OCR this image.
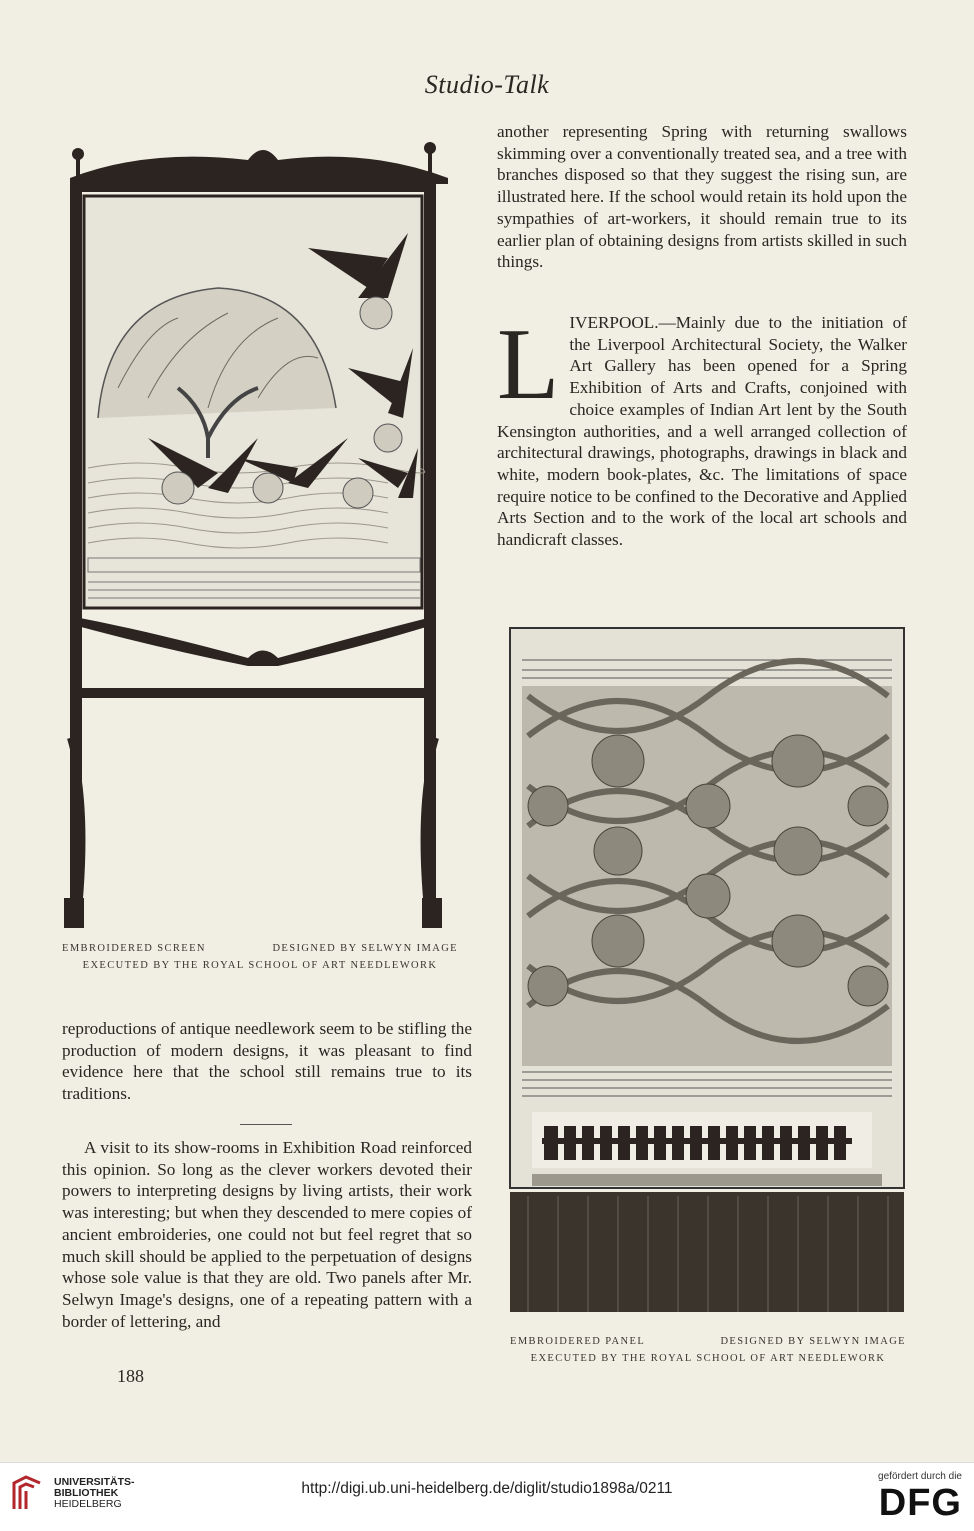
Studio-Talk
EMBROIDERED SCREEN	DESIGNED BY SELWYN IMAGE
EXECUTED BY THE ROYAL SCHOOL OF ART NEEDLEWORK

reproductions of antique needlework seem to be stifling the production of modern designs, it was pleasant to find evidence here that the school still remains true to its traditions.

A visit to its show-rooms in Exhibition Road reinforced this opinion. So long as the clever workers devoted their powers to interpreting designs by living artists, their work was interesting; but when they descended to mere copies of ancient embroideries, one could not but feel regret that so much skill should be applied to the perpetuation of designs whose sole value is that they are old. Two panels after Mr. Selwyn Image's designs, one of a repeating pattern with a border of lettering, and

188

another representing Spring with returning swallows skimming over a conventionally treated sea, and a tree with branches disposed so that they suggest the rising sun, are illustrated here. If the school would retain its hold upon the sympathies of art-workers, it should remain true to its earlier plan of obtaining designs from artists skilled in such things.

L IVERPOOL.—Mainly due to the initiation of the Liverpool Architectural Society, the Walker Art Gallery has been opened for a Spring Exhibition of Arts and Crafts, conjoined with choice examples of Indian Art lent by the South Kensington authorities, and a well arranged collection of architectural drawings, photographs, drawings in black and white, modern book-plates, &c. The limitations of space require notice to be confined to the Decorative and Applied Arts Section and to the work of the local art schools and handicraft classes.

EMBROIDERED PANEL	DESIGNED BY SELWYN IMAGE
EXECUTED BY THE ROYAL SCHOOL OF ART NEEDLEWORK
UNIVERSITÄTS-
BIBLIOTHEK
HEIDELBERG
http://digi.ub.uni-heidelberg.de/diglit/studio1898a/0211
gefördert durch die
DFG
